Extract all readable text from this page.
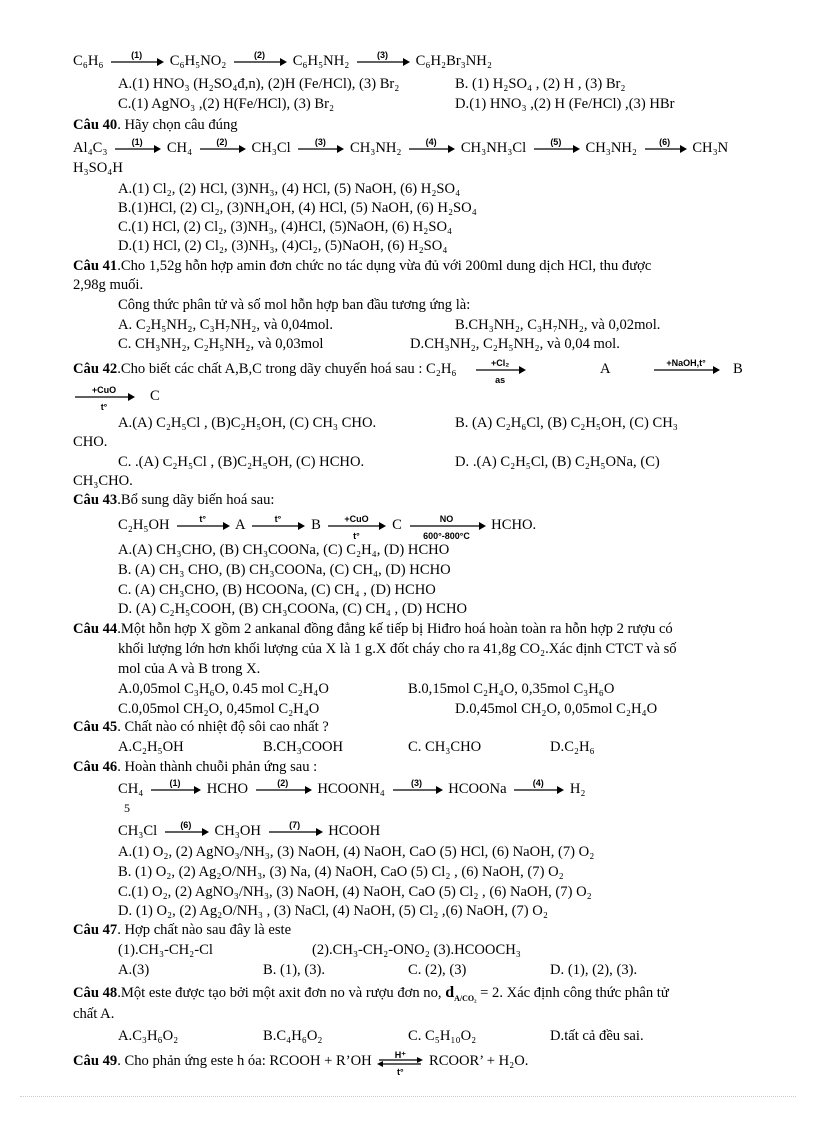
C₆H₆	(1)	C₆H₅NO₂	(2)	C₆H₅NH₂	(3)	C₆H₂Br₃NH₂
A.(1) HNO₃ (H₂SO₄đ,n), (2)H (Fe/HCl), (3) Br₂	B. (1) H₂SO₄ , (2) H , (3) Br₂
C.(1) AgNO₃ ,(2) H(Fe/HCl), (3) Br₂	D.(1) HNO₃ ,(2) H (Fe/HCl) ,(3) HBr
Câu 40. Hãy chọn câu đúng
Al₄C₃	(1)	CH₄	(2)	CH₃Cl	(3)	CH₃NH₂	(4)	CH₃NH₃Cl	(5)	CH₃NH₂	(6)	CH₃N
H₃SO₄H
A.(1) Cl₂, (2) HCl, (3)NH₃, (4) HCl, (5) NaOH, (6) H₂SO₄
B.(1)HCl, (2) Cl₂, (3)NH₄OH, (4) HCl, (5) NaOH, (6) H₂SO₄
C.(1) HCl, (2) Cl₂, (3)NH₃, (4)HCl, (5)NaOH, (6) H₂SO₄
D.(1) HCl, (2) Cl₂, (3)NH₃, (4)Cl₂, (5)NaOH, (6) H₂SO₄
Câu 41.Cho 1,52g hỗn hợp amin đơn chức no tác dụng vừa đủ với 200ml dung dịch HCl, thu được
2,98g muối.
Công thức phân tử và số mol hỗn hợp ban đầu tương ứng là:
A. C₂H₅NH₂, C₃H₇NH₂, và 0,04mol.	B.CH₃NH₂, C₃H₇NH₂, và 0,02mol.
C. CH₃NH₂, C₂H₅NH₂, và 0,03mol	D.CH₃NH₂, C₂H₅NH₂, và 0,04 mol.
Câu 42.Cho biết các chất A,B,C trong dãy chuyển hoá sau : C₂H₆	+Cl₂
as
A	+NaOH,t°	B
+CuO
t°
C
A.(A) C₂H₅Cl , (B)C₂H₅OH, (C) CH₃ CHO.	B. (A) C₂H₆Cl, (B) C₂H₅OH, (C) CH₃
CHO.
C. .(A) C₂H₅Cl , (B)C₂H₅OH, (C) HCHO.	D. .(A) C₂H₅Cl, (B) C₂H₅ONa, (C)
CH₃CHO.
Câu 43.Bổ sung dãy biến hoá sau:
C₂H₅OH	t°	A	t°	B	+CuO
t°
C	NO
600°-800°C
HCHO.
A.(A) CH₃CHO, (B) CH₃COONa, (C) C₂H₄, (D) HCHO
B. (A) CH₃ CHO, (B) CH₃COONa, (C) CH₄, (D) HCHO
C. (A) CH₃CHO, (B) HCOONa, (C) CH₄ , (D) HCHO
D. (A) C₂H₅COOH, (B) CH₃COONa, (C) CH₄ , (D) HCHO
Câu 44.Một hỗn hợp X gồm 2 ankanal đồng đẳng kế tiếp bị Hiđro hoá hoàn toàn ra hỗn hợp 2 rượu có
khối lượng lớn hơn khối lượng của X là 1 g.X đốt cháy cho ra 41,8g CO₂.Xác định CTCT và số
mol của A và B trong X.
A.0,05mol C₃H₆O, 0.45 mol C₂H₄O	B.0,15mol C₂H₄O, 0,35mol C₃H₆O
C.0,05mol CH₂O, 0,45mol C₂H₄O	D.0,45mol CH₂O, 0,05mol C₂H₄O
Câu 45. Chất nào có nhiệt độ sôi cao nhất ?
A.C₂H₅OH	B.CH₃COOH	C. CH₃CHO	D.C₂H₆
Câu 46. Hoàn thành chuỗi phản ứng sau :
CH₄	(1)	HCHO	(2)	HCOONH₄	(3)	HCOONa	(4)	H₂
5
CH₃Cl	(6)	CH₃OH	(7)	HCOOH
A.(1) O₂, (2) AgNO₃/NH₃, (3) NaOH, (4) NaOH, CaO (5) HCl, (6) NaOH, (7) O₂
B. (1) O₂, (2) Ag₂O/NH₃, (3) Na, (4) NaOH, CaO (5) Cl₂ , (6) NaOH, (7) O₂
C.(1) O₂, (2) AgNO₃/NH₃, (3) NaOH, (4) NaOH, CaO (5) Cl₂ , (6) NaOH, (7) O₂
D. (1) O₂, (2) Ag₂O/NH₃ , (3) NaCl, (4) NaOH, (5) Cl₂ ,(6) NaOH, (7) O₂
Câu 47. Hợp chất nào sau đây là este
(1).CH₃-CH₂-Cl	(2).CH₃-CH₂-ONO₂ (3).HCOOCH₃
A.(3)	B. (1), (3).	C. (2), (3)	D. (1), (2), (3).
Câu 48.Một este được tạo bởi một axit đơn no và rượu đơn no, $d_{A/CO_2} = 2$. Xác định công thức phân tử
chất A.
A.C₃H₆O₂	B.C₄H₆O₂	C. C₅H₁₀O₂	D.tất cả đều sai.
Câu 49. Cho phản ứng este h óa: RCOOH + R’OH	H⁺
t°
RCOOR’ + H₂O.
